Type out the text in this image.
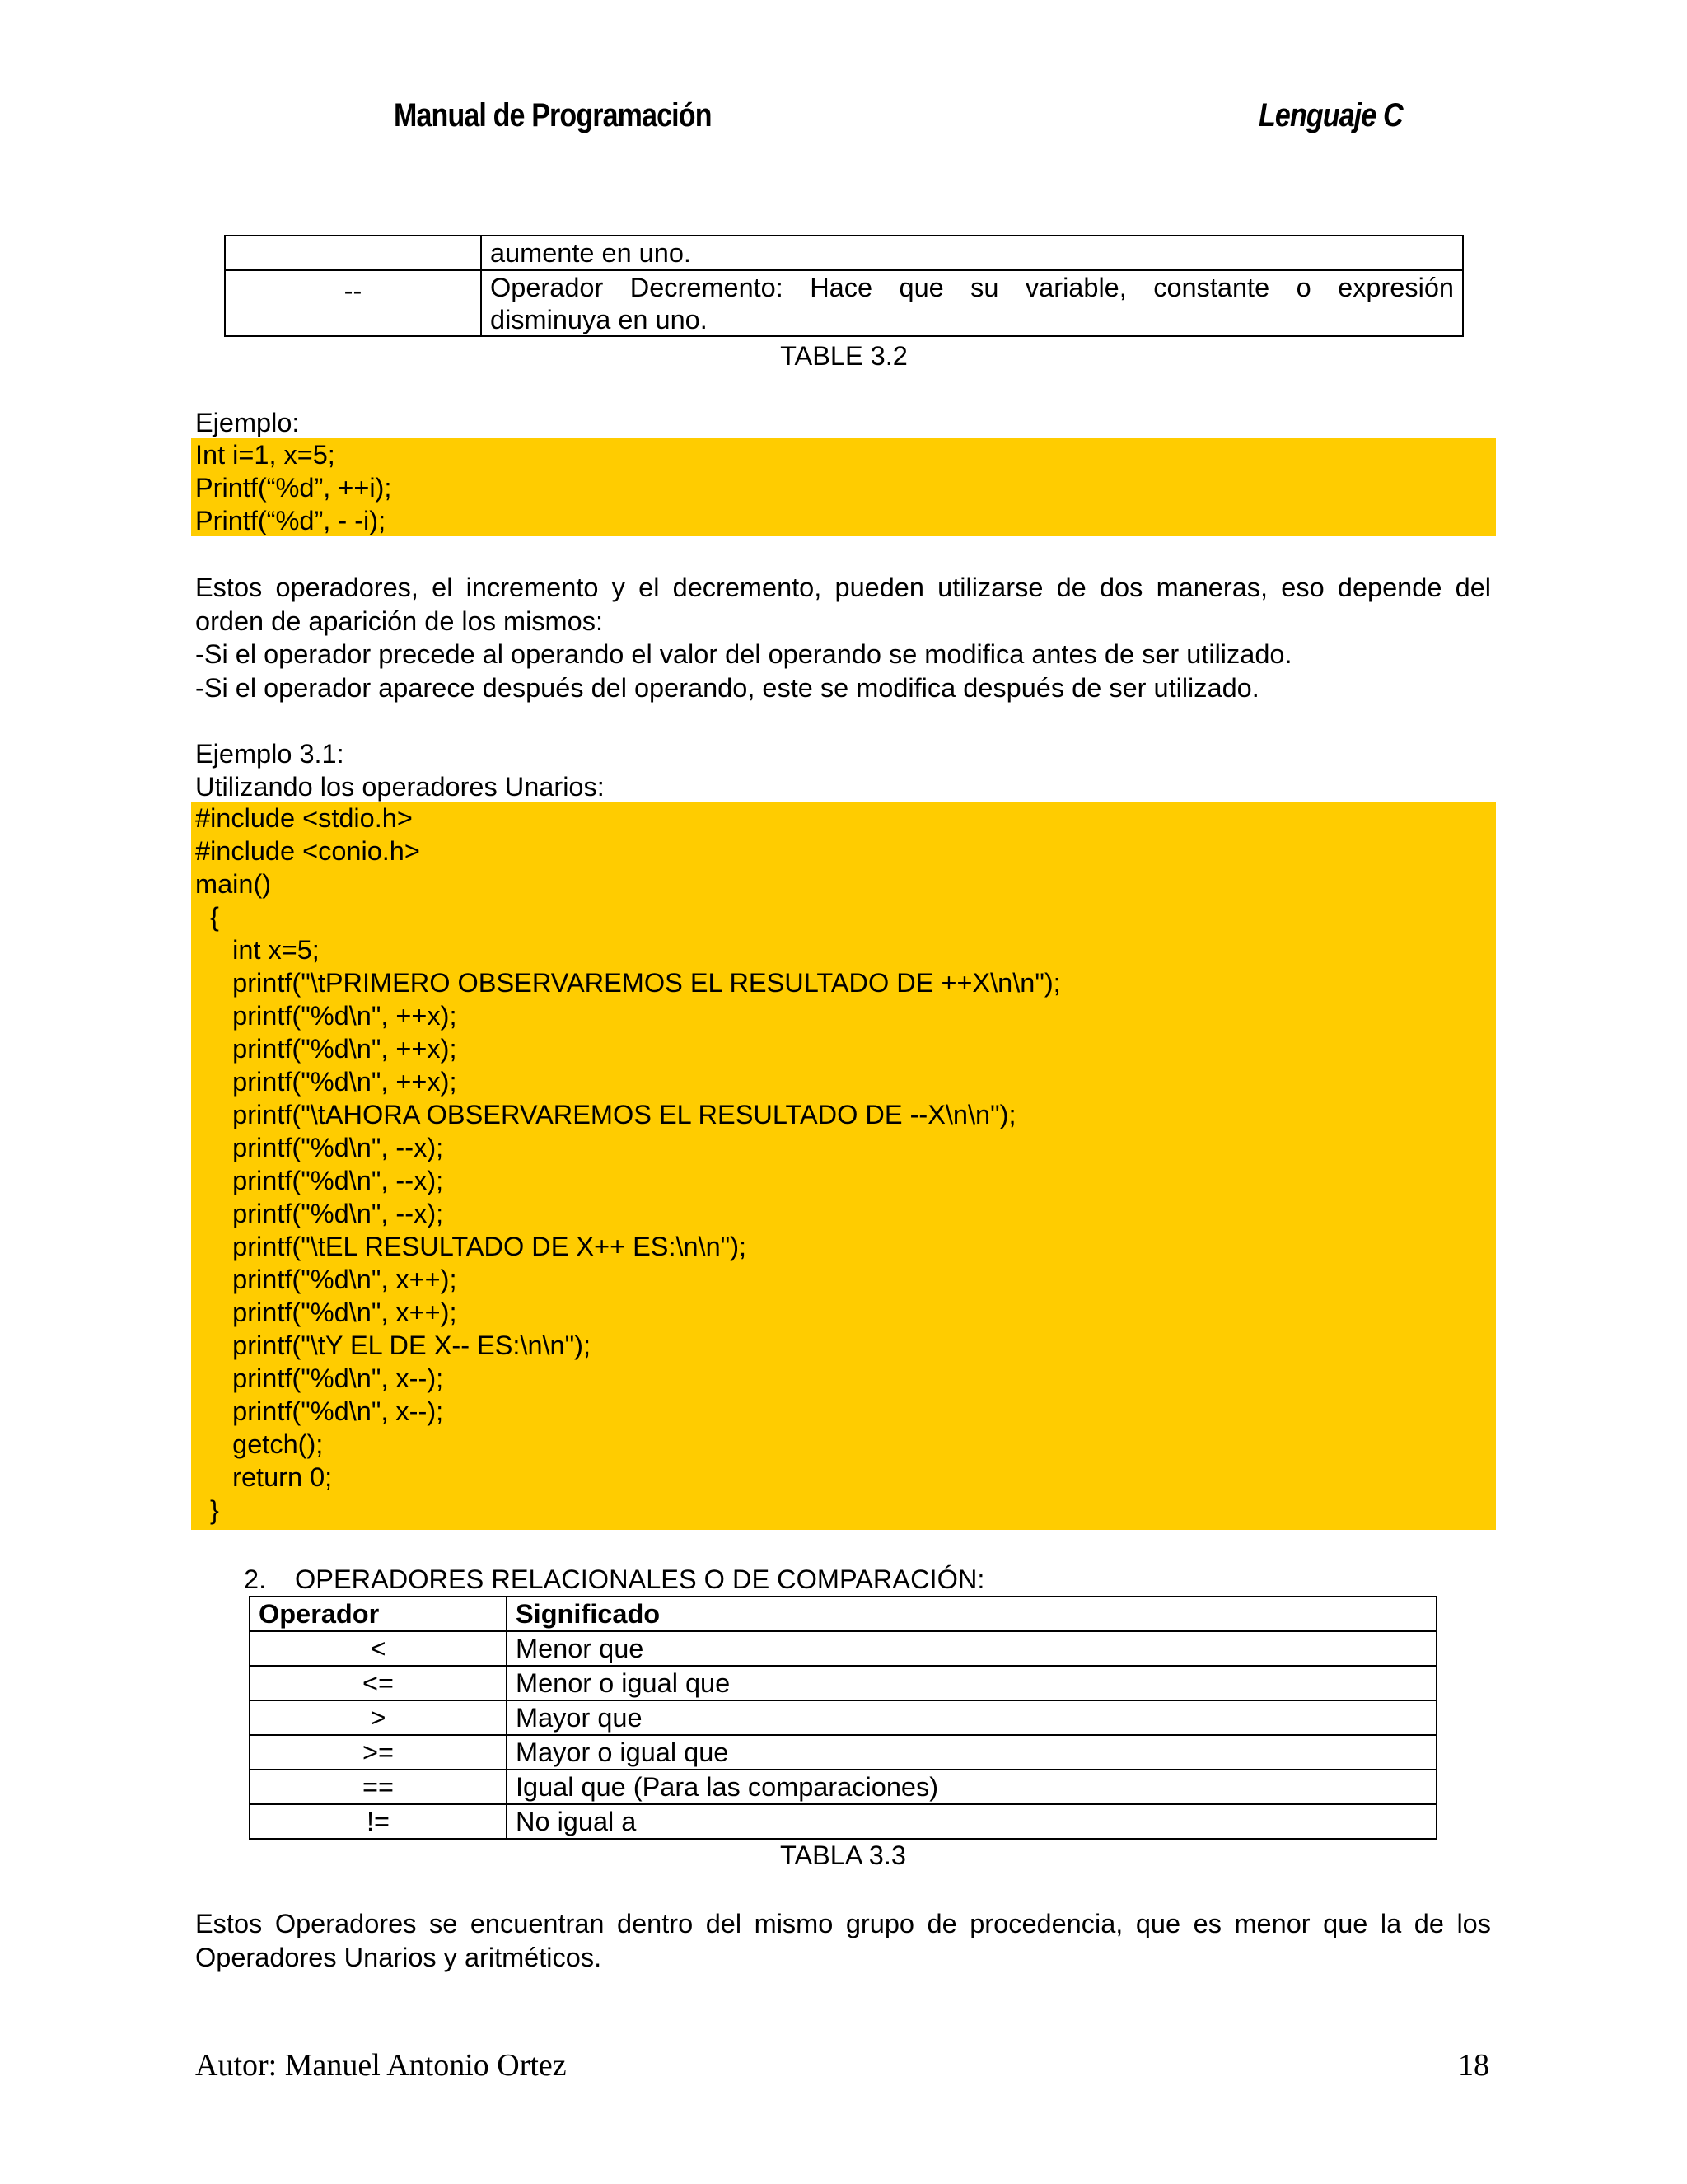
Manual de Programación	Lenguaje C
	aumente en uno.
--	Operador Decremento: Hace que su variable, constante o expresión
disminuya en uno.
TABLE 3.2
Ejemplo:
Int i=1, x=5;
Printf(“%d”, ++i);
Printf(“%d”, - -i);
Estos operadores, el incremento y el decremento, pueden utilizarse de dos maneras, eso depende del
orden de aparición de los mismos:
-Si el operador precede al operando el valor del operando se modifica antes de ser utilizado.
-Si el operador aparece después del operando, este se modifica después de ser utilizado.
Ejemplo 3.1:
Utilizando los operadores Unarios:
#include <stdio.h>
#include <conio.h>
main()
{
int x=5;
printf("\tPRIMERO OBSERVAREMOS EL RESULTADO DE ++X\n\n");
printf("%d\n", ++x);
printf("%d\n", ++x);
printf("%d\n", ++x);
printf("\tAHORA OBSERVAREMOS EL RESULTADO DE --X\n\n");
printf("%d\n", --x);
printf("%d\n", --x);
printf("%d\n", --x);
printf("\tEL RESULTADO DE X++ ES:\n\n");
printf("%d\n", x++);
printf("%d\n", x++);
printf("\tY EL DE X-- ES:\n\n");
printf("%d\n", x--);
printf("%d\n", x--);
getch();
return 0;
}
2. OPERADORES RELACIONALES O DE COMPARACIÓN:
Operador	Significado
<	Menor que
<=	Menor o igual que
>	Mayor que
>=	Mayor o igual que
==	Igual que (Para las comparaciones)
!=	No igual a
TABLA 3.3
Estos Operadores se encuentran dentro del mismo grupo de procedencia, que es menor que la de los
Operadores Unarios y aritméticos.
Autor: Manuel Antonio Ortez	18
